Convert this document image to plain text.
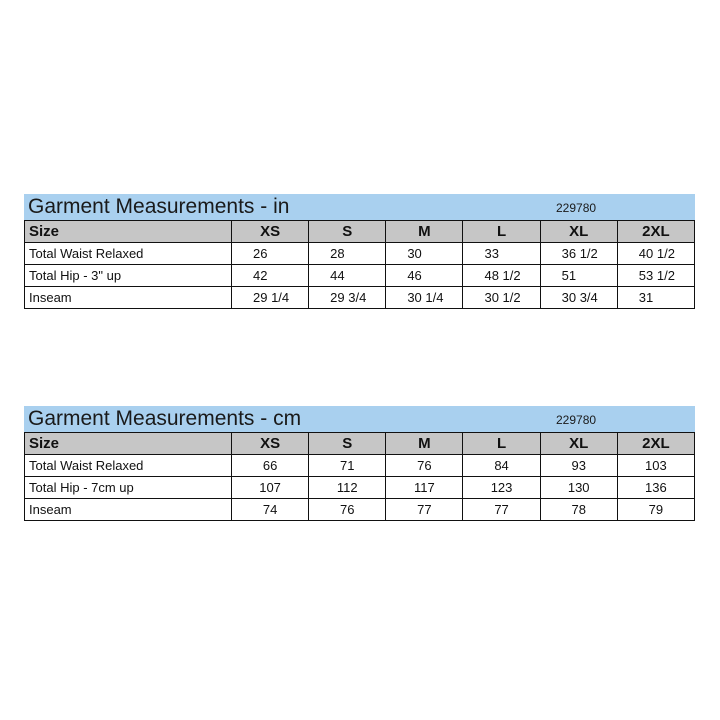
Garment Measurements - in	229780
Size	XS	S	M	L	XL	2XL
Total Waist Relaxed	26	28	30	33	36 1/2	40 1/2
Total Hip - 3" up	42	44	46	48 1/2	51	53 1/2
Inseam	29 1/4	29 3/4	30 1/4	30 1/2	30 3/4	31
Garment Measurements - cm	229780
Size	XS	S	M	L	XL	2XL
Total Waist Relaxed	66	71	76	84	93	103
Total Hip - 7cm up	107	112	117	123	130	136
Inseam	74	76	77	77	78	79
